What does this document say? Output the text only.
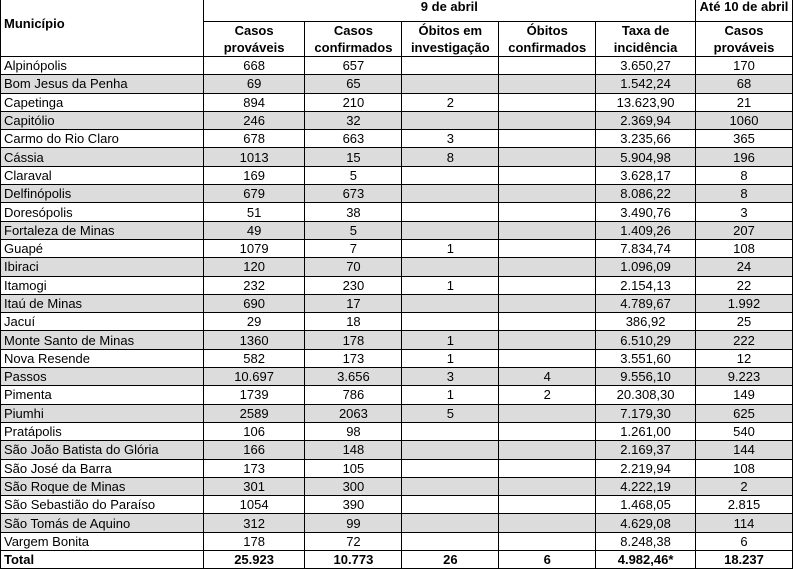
Município	9 de abril					Até 10 de abril
	Casos prováveis	Casos confirmados	Óbitos em investigação	Óbitos confirmados	Taxa de incidência	Casos prováveis
Alpinópolis	668	657			3.650,27	170
Bom Jesus da Penha	69	65			1.542,24	68
Capetinga	894	210	2		13.623,90	21
Capitólio	246	32			2.369,94	1060
Carmo do Rio Claro	678	663	3		3.235,66	365
Cássia	1013	15	8		5.904,98	196
Claraval	169	5			3.628,17	8
Delfinópolis	679	673			8.086,22	8
Doresópolis	51	38			3.490,76	3
Fortaleza de Minas	49	5			1.409,26	207
Guapé	1079	7	1		7.834,74	108
Ibiraci	120	70			1.096,09	24
Itamogi	232	230	1		2.154,13	22
Itaú de Minas	690	17			4.789,67	1.992
Jacuí	29	18			386,92	25
Monte Santo de Minas	1360	178	1		6.510,29	222
Nova Resende	582	173	1		3.551,60	12
Passos	10.697	3.656	3	4	9.556,10	9.223
Pimenta	1739	786	1	2	20.308,30	149
Piumhi	2589	2063	5		7.179,30	625
Pratápolis	106	98			1.261,00	540
São João Batista do Glória	166	148			2.169,37	144
São José da Barra	173	105			2.219,94	108
São Roque de Minas	301	300			4.222,19	2
São Sebastião do Paraíso	1054	390			1.468,05	2.815
São Tomás de Aquino	312	99			4.629,08	114
Vargem Bonita	178	72			8.248,38	6
Total	25.923	10.773	26	6	4.982,46*	18.237
